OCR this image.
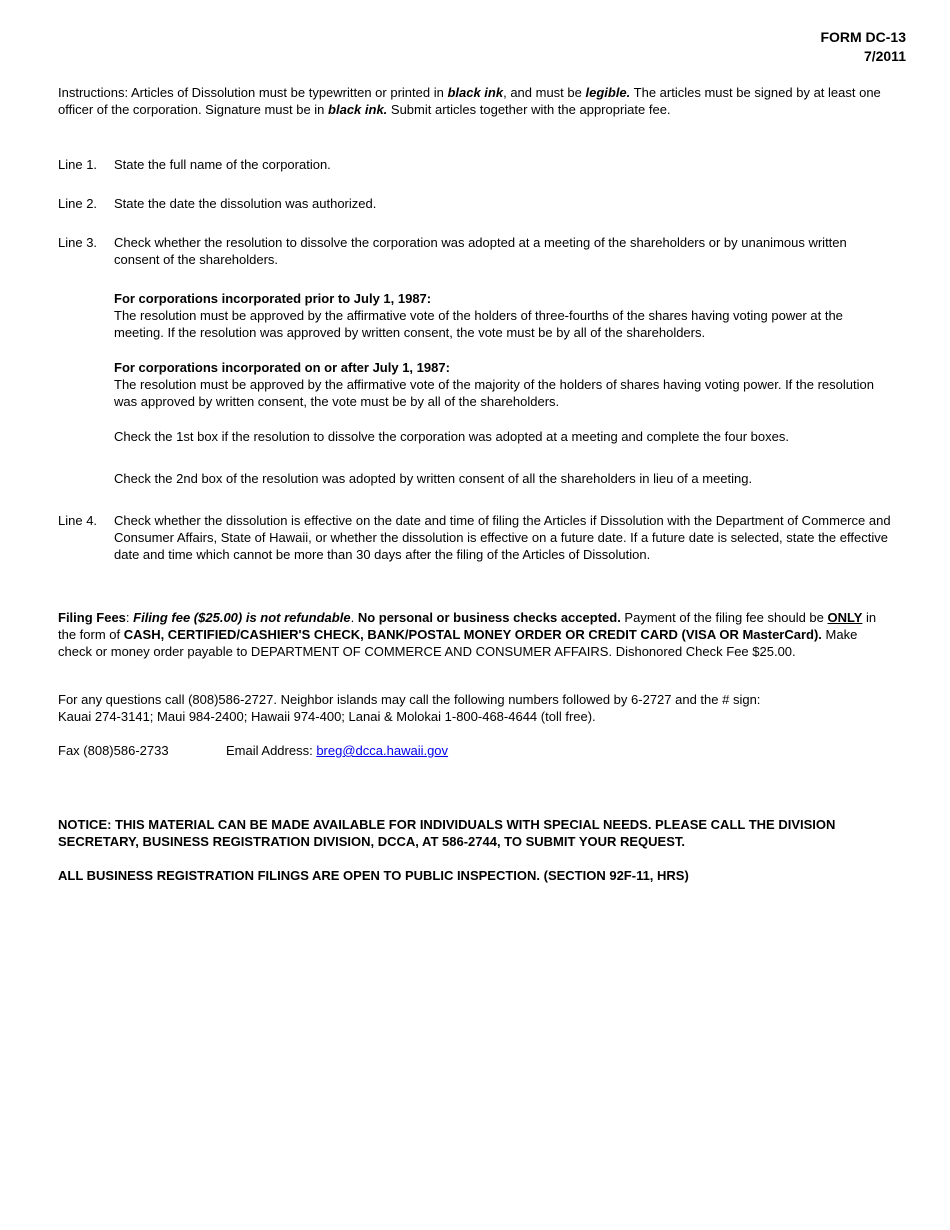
FORM DC-13
7/2011

Instructions: Articles of Dissolution must be typewritten or printed in black ink, and must be legible. The articles must be signed by at least one officer of the corporation. Signature must be in black ink. Submit articles together with the appropriate fee.

Line 1.	State the full name of the corporation.
Line 2.	State the date the dissolution was authorized.
Line 3.	Check whether the resolution to dissolve the corporation was adopted at a meeting of the shareholders or by unanimous written consent of the shareholders.

For corporations incorporated prior to July 1, 1987:

The resolution must be approved by the affirmative vote of the holders of three-fourths of the shares having voting power at the meeting. If the resolution was approved by written consent, the vote must be by all of the shareholders.

For corporations incorporated on or after July 1, 1987:

The resolution must be approved by the affirmative vote of the majority of the holders of shares having voting power. If the resolution was approved by written consent, the vote must be by all of the shareholders.

Check the 1st box if the resolution to dissolve the corporation was adopted at a meeting and complete the four boxes.

Check the 2nd box of the resolution was adopted by written consent of all the shareholders in lieu of a meeting.

Line 4.	Check whether the dissolution is effective on the date and time of filing the Articles if Dissolution with the Department of Commerce and Consumer Affairs, State of Hawaii, or whether the dissolution is effective on a future date. If a future date is selected, state the effective date and time which cannot be more than 30 days after the filing of the Articles of Dissolution.

Filing Fees: Filing fee ($25.00) is not refundable. No personal or business checks accepted. Payment of the filing fee should be ONLY in the form of CASH, CERTIFIED/CASHIER'S CHECK, BANK/POSTAL MONEY ORDER OR CREDIT CARD (VISA OR MasterCard). Make check or money order payable to DEPARTMENT OF COMMERCE AND CONSUMER AFFAIRS. Dishonored Check Fee $25.00.

For any questions call (808)586-2727. Neighbor islands may call the following numbers followed by 6-2727 and the # sign:

Kauai 274-3141; Maui 984-2400; Hawaii 974-400; Lanai & Molokai 1-800-468-4644 (toll free).

Fax (808)586-2733	Email Address: breg@dcca.hawaii.gov

NOTICE: THIS MATERIAL CAN BE MADE AVAILABLE FOR INDIVIDUALS WITH SPECIAL NEEDS. PLEASE CALL THE DIVISION SECRETARY, BUSINESS REGISTRATION DIVISION, DCCA, AT 586-2744, TO SUBMIT YOUR REQUEST.

ALL BUSINESS REGISTRATION FILINGS ARE OPEN TO PUBLIC INSPECTION. (SECTION 92F-11, HRS)
